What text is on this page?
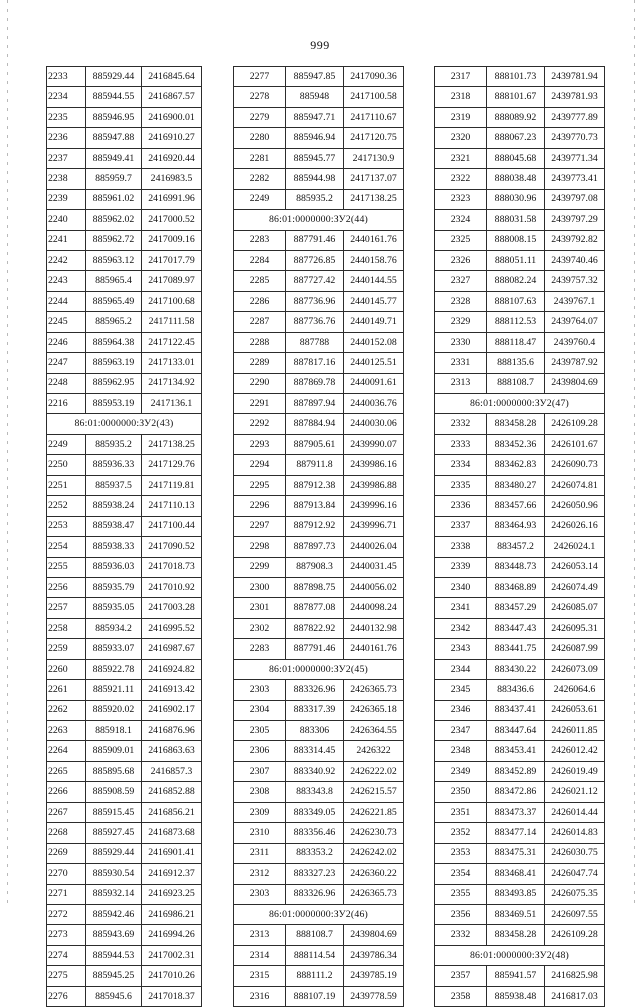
999
2233	885929.44	2416845.64
2234	885944.55	2416867.57
2235	885946.95	2416900.01
2236	885947.88	2416910.27
2237	885949.41	2416920.44
2238	885959.7	2416983.5
2239	885961.02	2416991.96
2240	885962.02	2417000.52
2241	885962.72	2417009.16
2242	885963.12	2417017.79
2243	885965.4	2417089.97
2244	885965.49	2417100.68
2245	885965.2	2417111.58
2246	885964.38	2417122.45
2247	885963.19	2417133.01
2248	885962.95	2417134.92
2216	885953.19	2417136.1
86:01:0000000:ЗУ2(43)		
2249	885935.2	2417138.25
2250	885936.33	2417129.76
2251	885937.5	2417119.81
2252	885938.24	2417110.13
2253	885938.47	2417100.44
2254	885938.33	2417090.52
2255	885936.03	2417018.73
2256	885935.79	2417010.92
2257	885935.05	2417003.28
2258	885934.2	2416995.52
2259	885933.07	2416987.67
2260	885922.78	2416924.82
2261	885921.11	2416913.42
2262	885920.02	2416902.17
2263	885918.1	2416876.96
2264	885909.01	2416863.63
2265	885895.68	2416857.3
2266	885908.59	2416852.88
2267	885915.45	2416856.21
2268	885927.45	2416873.68
2269	885929.44	2416901.41
2270	885930.54	2416912.37
2271	885932.14	2416923.25
2272	885942.46	2416986.21
2273	885943.69	2416994.26
2274	885944.53	2417002.31
2275	885945.25	2417010.26
2276	885945.6	2417018.37
2277	885947.85	2417090.36
2278	885948	2417100.58
2279	885947.71	2417110.67
2280	885946.94	2417120.75
2281	885945.77	2417130.9
2282	885944.98	2417137.07
2249	885935.2	2417138.25
86:01:0000000:ЗУ2(44)		
2283	887791.46	2440161.76
2284	887726.85	2440158.76
2285	887727.42	2440144.55
2286	887736.96	2440145.77
2287	887736.76	2440149.71
2288	887788	2440152.08
2289	887817.16	2440125.51
2290	887869.78	2440091.61
2291	887897.94	2440036.76
2292	887884.94	2440030.06
2293	887905.61	2439990.07
2294	887911.8	2439986.16
2295	887912.38	2439986.88
2296	887913.84	2439996.16
2297	887912.92	2439996.71
2298	887897.73	2440026.04
2299	887908.3	2440031.45
2300	887898.75	2440056.02
2301	887877.08	2440098.24
2302	887822.92	2440132.98
2283	887791.46	2440161.76
86:01:0000000:ЗУ2(45)		
2303	883326.96	2426365.73
2304	883317.39	2426365.18
2305	883306	2426364.55
2306	883314.45	2426322
2307	883340.92	2426222.02
2308	883343.8	2426215.57
2309	883349.05	2426221.85
2310	883356.46	2426230.73
2311	883353.2	2426242.02
2312	883327.23	2426360.22
2303	883326.96	2426365.73
86:01:0000000:ЗУ2(46)		
2313	888108.7	2439804.69
2314	888114.54	2439786.34
2315	888111.2	2439785.19
2316	888107.19	2439778.59
2317	888101.73	2439781.94
2318	888101.67	2439781.93
2319	888089.92	2439777.89
2320	888067.23	2439770.73
2321	888045.68	2439771.34
2322	888038.48	2439773.41
2323	888030.96	2439797.08
2324	888031.58	2439797.29
2325	888008.15	2439792.82
2326	888051.11	2439740.46
2327	888082.24	2439757.32
2328	888107.63	2439767.1
2329	888112.53	2439764.07
2330	888118.47	2439760.4
2331	888135.6	2439787.92
2313	888108.7	2439804.69
86:01:0000000:ЗУ2(47)		
2332	883458.28	2426109.28
2333	883452.36	2426101.67
2334	883462.83	2426090.73
2335	883480.27	2426074.81
2336	883457.66	2426050.96
2337	883464.93	2426026.16
2338	883457.2	2426024.1
2339	883448.73	2426053.14
2340	883468.89	2426074.49
2341	883457.29	2426085.07
2342	883447.43	2426095.31
2343	883441.75	2426087.99
2344	883430.22	2426073.09
2345	883436.6	2426064.6
2346	883437.41	2426053.61
2347	883447.64	2426011.85
2348	883453.41	2426012.42
2349	883452.89	2426019.49
2350	883472.86	2426021.12
2351	883473.37	2426014.44
2352	883477.14	2426014.83
2353	883475.31	2426030.75
2354	883468.41	2426047.74
2355	883493.85	2426075.35
2356	883469.51	2426097.55
2332	883458.28	2426109.28
86:01:0000000:ЗУ2(48)		
2357	885941.57	2416825.98
2358	885938.48	2416817.03
